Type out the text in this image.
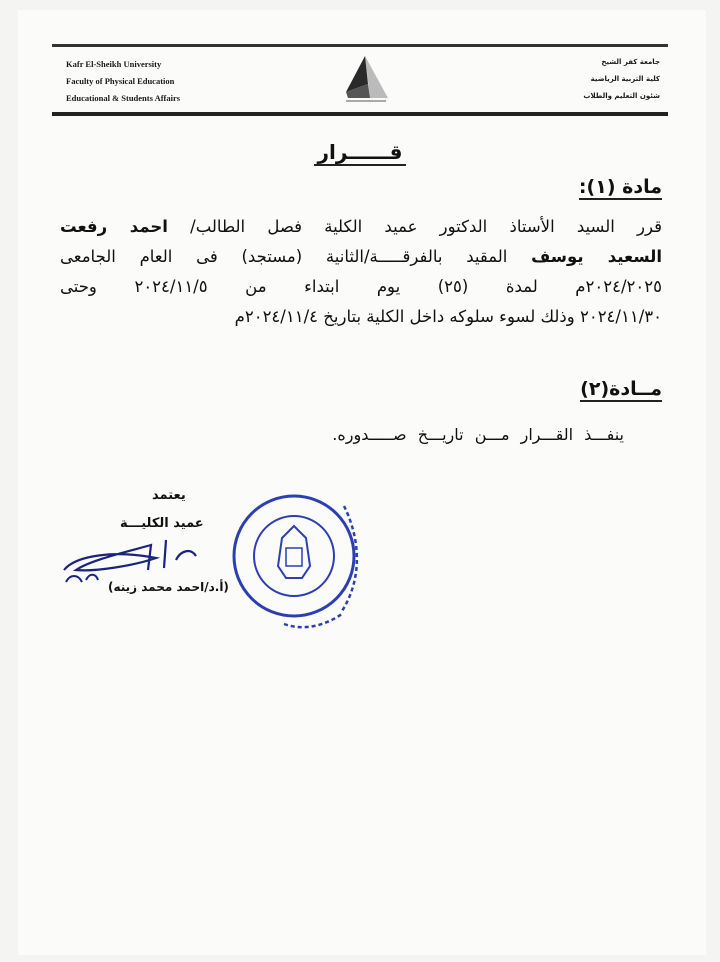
Kafr El-Sheikh University
Faculty of Physical Education
Educational & Students Affairs
جامعة كفر الشيخ
كلية التربية الرياضية
شئون التعليم والطلاب
قــــــرار
مادة (١):
قرر السيد الأستاذ الدكتور عميد الكلية فصل الطالب/ احمد رفعت
السعيد يوسف المقيد بالفرقـــــة/الثانية (مستجد) فى العام الجامعى
٢٠٢٤/٢٠٢٥م لمدة (٢٥) يوم ابتداء من ٢٠٢٤/١١/٥ وحتى
٢٠٢٤/١١/٣٠ وذلك لسوء سلوكه داخل الكلية بتاريخ ٢٠٢٤/١١/٤م
مــادة(٢)
ينفـــذ القـــرار مـــن تاريـــخ صـــــدوره.
يعتمد
عميد الكليـــة
(أ.د/احمد محمد زينه)
